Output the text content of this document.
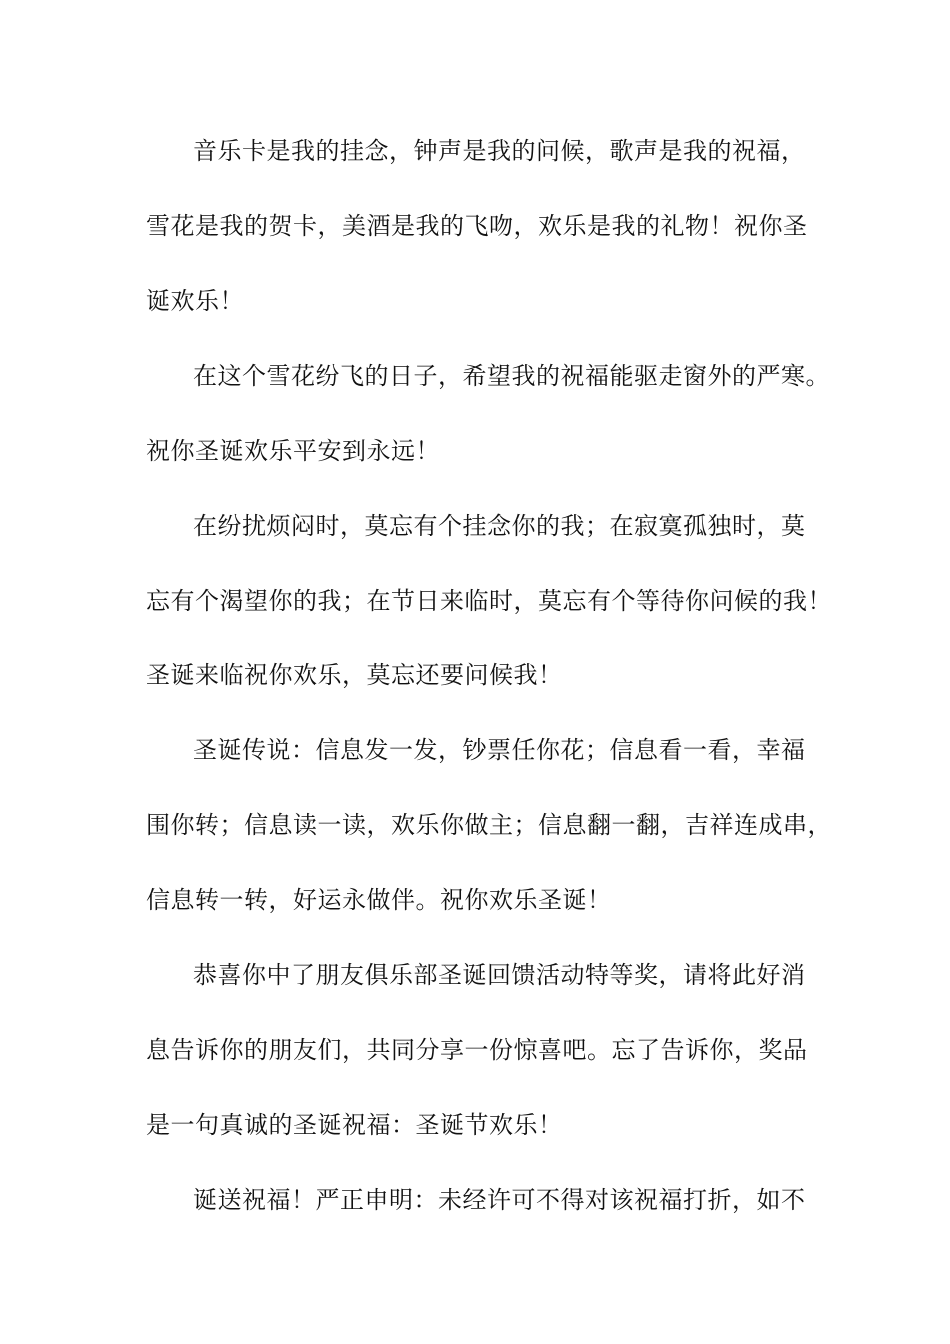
音乐卡是我的挂念，钟声是我的问候，歌声是我的祝福，
雪花是我的贺卡，美酒是我的飞吻，欢乐是我的礼物！祝你圣
诞欢乐！
在这个雪花纷飞的日子，希望我的祝福能驱走窗外的严寒。
祝你圣诞欢乐平安到永远！
在纷扰烦闷时，莫忘有个挂念你的我；在寂寞孤独时，莫
忘有个渴望你的我；在节日来临时，莫忘有个等待你问候的我！
圣诞来临祝你欢乐，莫忘还要问候我！
圣诞传说：信息发一发，钞票任你花；信息看一看，幸福
围你转；信息读一读，欢乐你做主；信息翻一翻，吉祥连成串，
信息转一转，好运永做伴。祝你欢乐圣诞！
恭喜你中了朋友俱乐部圣诞回馈活动特等奖，请将此好消
息告诉你的朋友们，共同分享一份惊喜吧。忘了告诉你，奖品
是一句真诚的圣诞祝福：圣诞节欢乐！
诞送祝福！严正申明：未经许可不得对该祝福打折，如不
